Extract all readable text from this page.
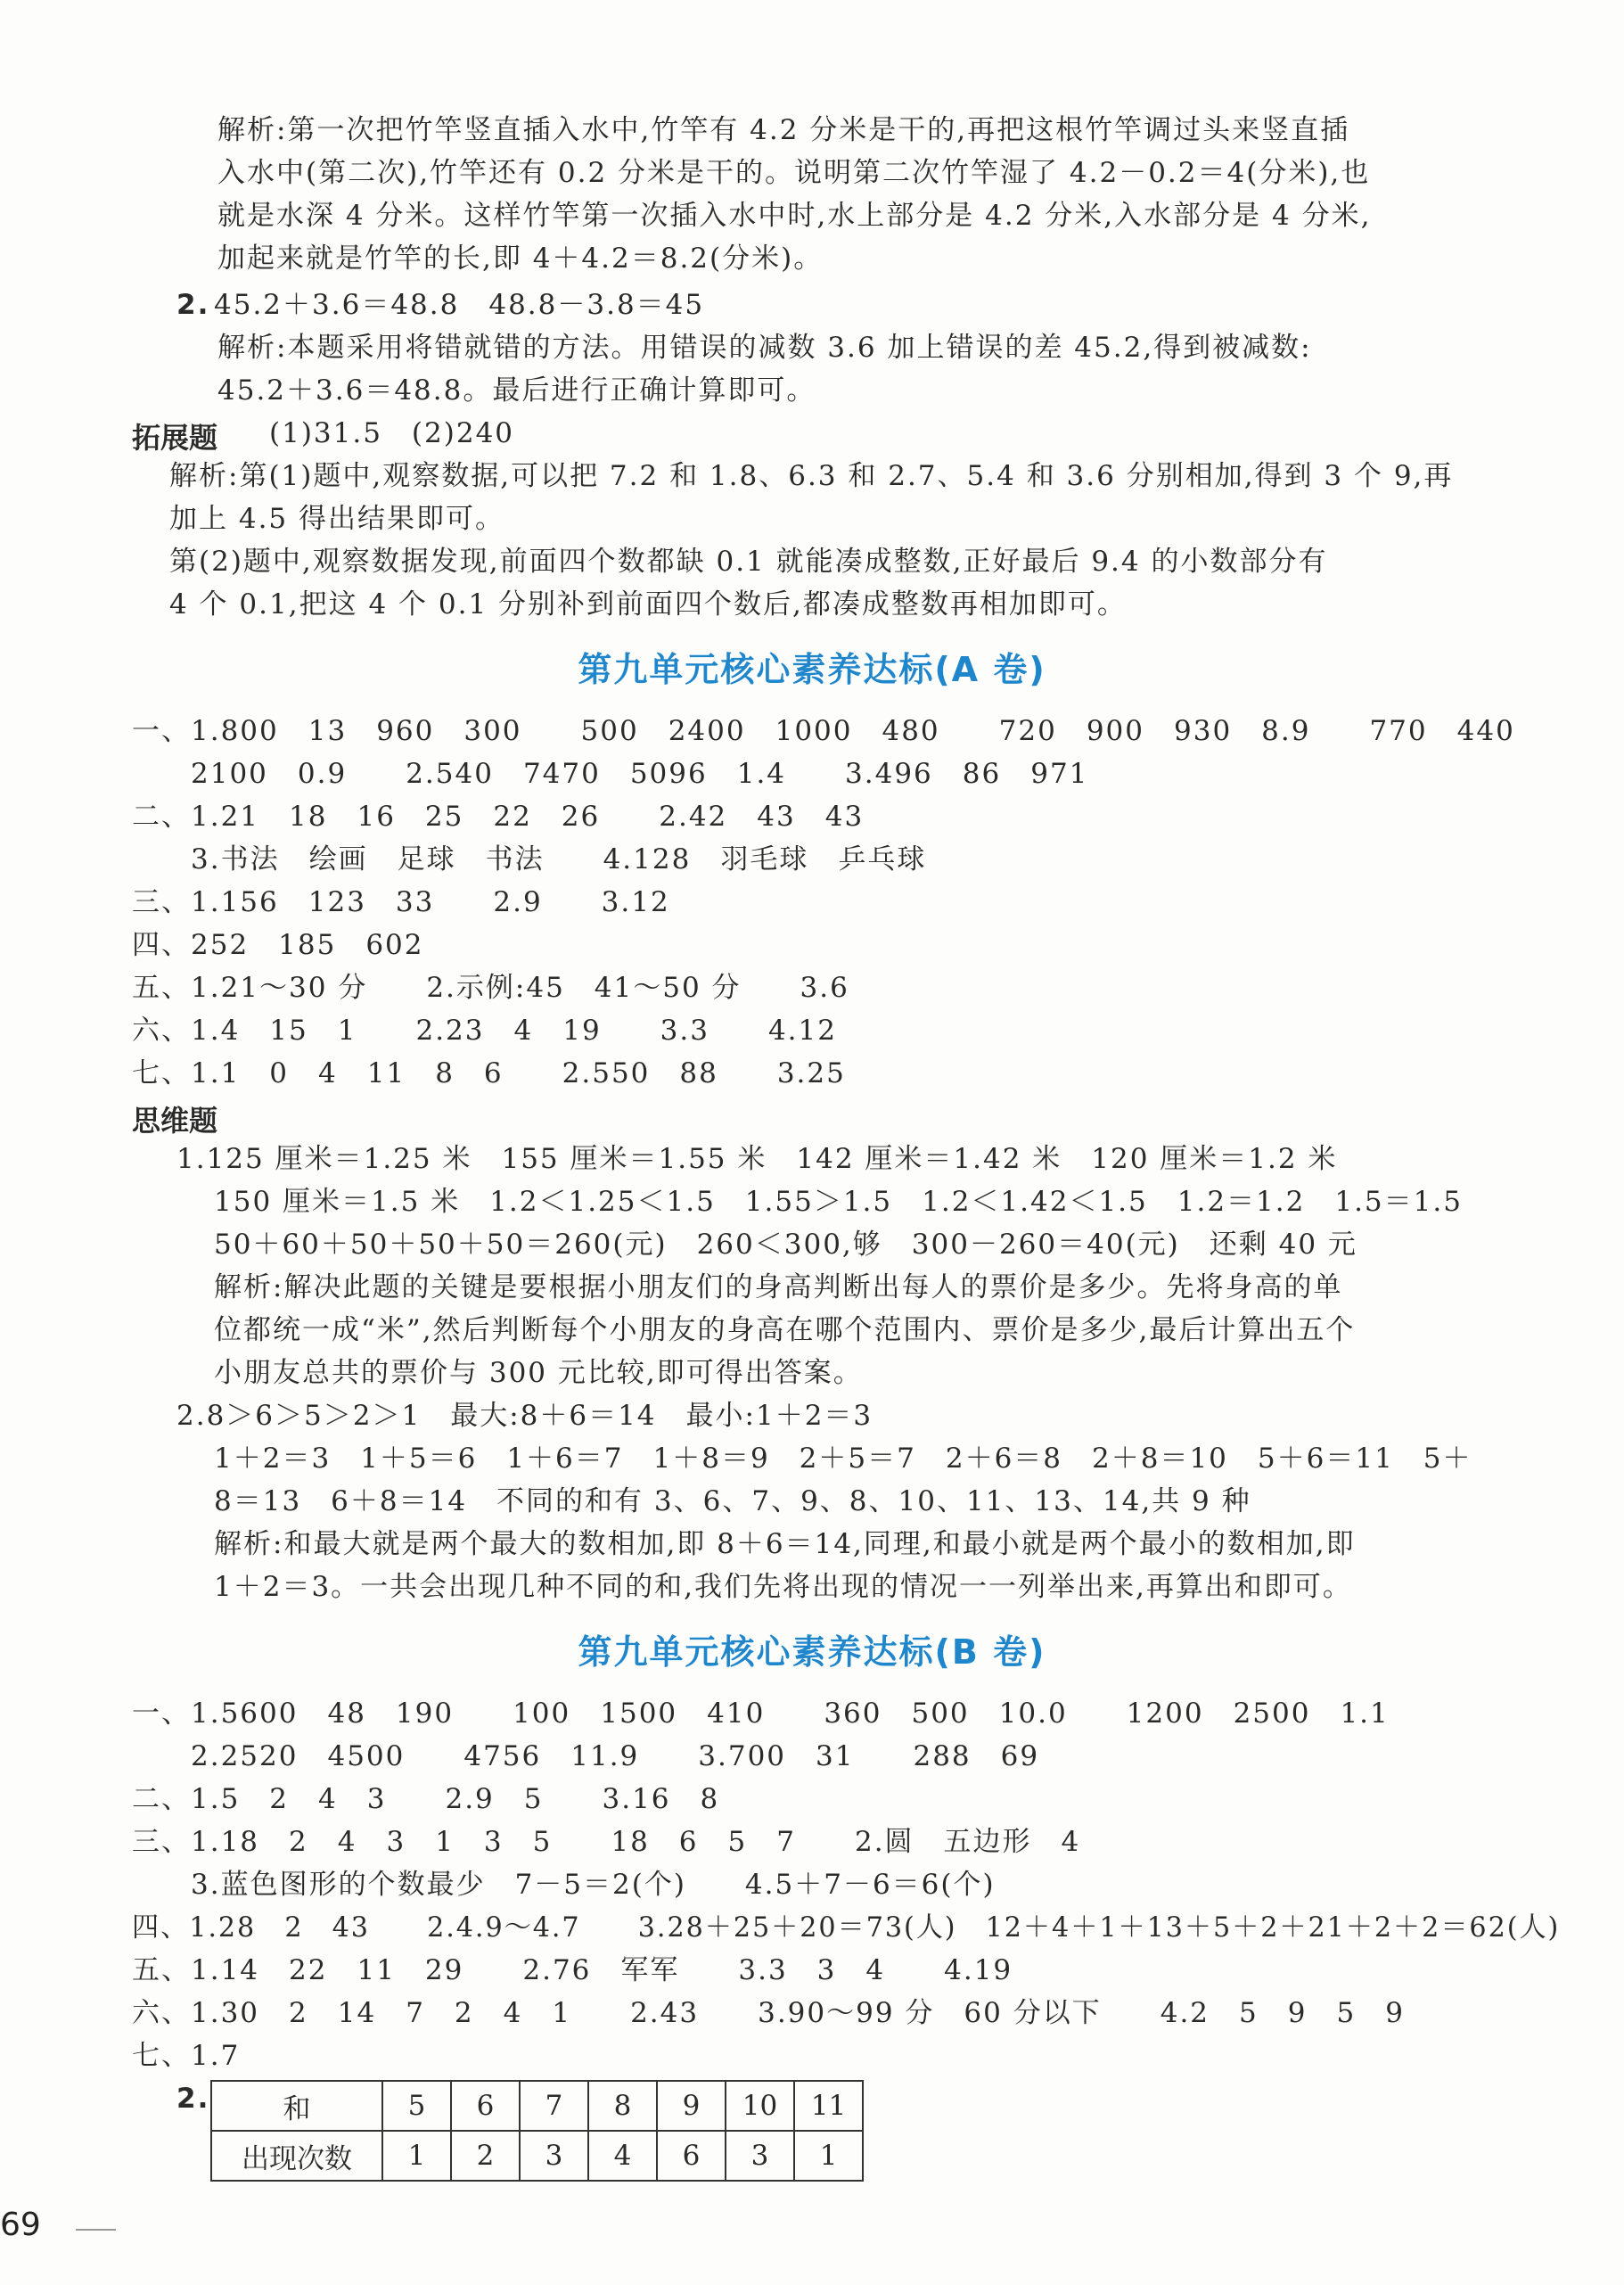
解析:第一次把竹竿竖直插入水中,竹竿有 4.2 分米是干的,再把这根竹竿调过头来竖直插
入水中(第二次),竹竿还有 0.2 分米是干的。说明第二次竹竿湿了 4.2－0.2＝4(分米),也
就是水深 4 分米。这样竹竿第一次插入水中时,水上部分是 4.2 分米,入水部分是 4 分米,
加起来就是竹竿的长,即 4＋4.2＝8.2(分米)。
2. 45.2＋3.6＝48.8　48.8－3.8＝45
解析:本题采用将错就错的方法。用错误的减数 3.6 加上错误的差 45.2,得到被减数:
45.2＋3.6＝48.8。最后进行正确计算即可。
拓展题 (1)31.5　(2)240
解析:第(1)题中,观察数据,可以把 7.2 和 1.8、6.3 和 2.7、5.4 和 3.6 分别相加,得到 3 个 9,再
加上 4.5 得出结果即可。
第(2)题中,观察数据发现,前面四个数都缺 0.1 就能凑成整数,正好最后 9.4 的小数部分有
4 个 0.1,把这 4 个 0.1 分别补到前面四个数后,都凑成整数再相加即可。
第九单元核心素养达标(A 卷)
一、1.800　13　960　300　　500　2400　1000　480　　720　900　930　8.9　　770　440
　　2100　0.9　　2.540　7470　5096　1.4　　3.496　86　971
二、1.21　18　16　25　22　26　　2.42　43　43
　　3.书法　绘画　足球　书法　　4.128　羽毛球　乒乓球
三、1.156　123　33　　2.9　　3.12
四、252　185　602
五、1.21～30 分　　2.示例:45　41～50 分　　3.6
六、1.4　15　1　　2.23　4　19　　3.3　　4.12
七、1.1　0　4　11　8　6　　2.550　88　　3.25
思维题
1.125 厘米＝1.25 米　155 厘米＝1.55 米　142 厘米＝1.42 米　120 厘米＝1.2 米
150 厘米＝1.5 米　1.2＜1.25＜1.5　1.55＞1.5　1.2＜1.42＜1.5　1.2＝1.2　1.5＝1.5
50＋60＋50＋50＋50＝260(元)　260＜300,够　300－260＝40(元)　还剩 40 元
解析:解决此题的关键是要根据小朋友们的身高判断出每人的票价是多少。先将身高的单
位都统一成“米”,然后判断每个小朋友的身高在哪个范围内、票价是多少,最后计算出五个
小朋友总共的票价与 300 元比较,即可得出答案。
2.8＞6＞5＞2＞1　最大:8＋6＝14　最小:1＋2＝3
1＋2＝3　1＋5＝6　1＋6＝7　1＋8＝9　2＋5＝7　2＋6＝8　2＋8＝10　5＋6＝11　5＋
8＝13　6＋8＝14　不同的和有 3、6、7、9、8、10、11、13、14,共 9 种
解析:和最大就是两个最大的数相加,即 8＋6＝14,同理,和最小就是两个最小的数相加,即
1＋2＝3。一共会出现几种不同的和,我们先将出现的情况一一列举出来,再算出和即可。
第九单元核心素养达标(B 卷)
一、1.5600　48　190　　100　1500　410　　360　500　10.0　　1200　2500　1.1
　　2.2520　4500　　4756　11.9　　3.700　31　　288　69
二、1.5　2　4　3　　2.9　5　　3.16　8
三、1.18　2　4　3　1　3　5　　18　6　5　7　　2.圆　五边形　4
　　3.蓝色图形的个数最少　7－5＝2(个)　　4.5＋7－6＝6(个)
四、1.28　2　43　　2.4.9～4.7　　3.28＋25＋20＝73(人)　12＋4＋1＋13＋5＋2＋21＋2＋2＝62(人)
五、1.14　22　11　29　　2.76　军军　　3.3　3　4　　4.19
六、1.30　2　14　7　2　4　1　　2.43　　3.90～99 分　60 分以下　　4.2　5　9　5　9
七、1.7
2.	和	5	6	7	8	9	10	11
出现次数	1	2	3	4	6	3	1
69
